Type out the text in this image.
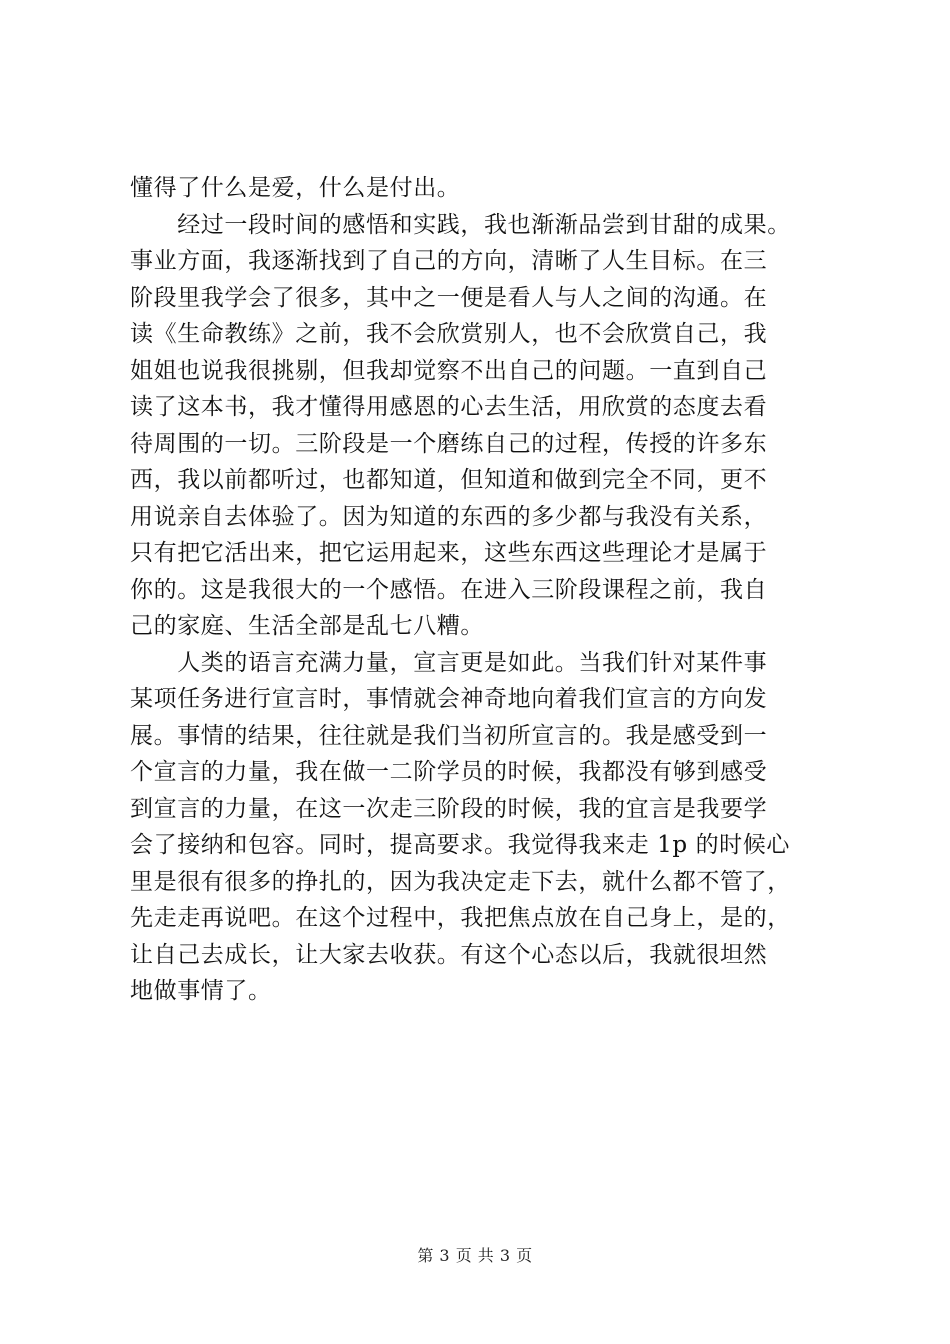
懂得了什么是爱，什么是付出。
　　经过一段时间的感悟和实践，我也渐渐品尝到甘甜的成果。
事业方面，我逐渐找到了自己的方向，清晰了人生目标。在三
阶段里我学会了很多，其中之一便是看人与人之间的沟通。在
读《生命教练》之前，我不会欣赏别人，也不会欣赏自己，我
姐姐也说我很挑剔，但我却觉察不出自己的问题。一直到自己
读了这本书，我才懂得用感恩的心去生活，用欣赏的态度去看
待周围的一切。三阶段是一个磨练自己的过程，传授的许多东
西，我以前都听过，也都知道，但知道和做到完全不同，更不
用说亲自去体验了。因为知道的东西的多少都与我没有关系，
只有把它活出来，把它运用起来，这些东西这些理论才是属于
你的。这是我很大的一个感悟。在进入三阶段课程之前，我自
己的家庭、生活全部是乱七八糟。
　　人类的语言充满力量，宣言更是如此。当我们针对某件事
某项任务进行宣言时，事情就会神奇地向着我们宣言的方向发
展。事情的结果，往往就是我们当初所宣言的。我是感受到一
个宣言的力量，我在做一二阶学员的时候，我都没有够到感受
到宣言的力量，在这一次走三阶段的时候，我的宜言是我要学
会了接纳和包容。同时，提高要求。我觉得我来走 1p 的时候心
里是很有很多的挣扎的，因为我决定走下去，就什么都不管了，
先走走再说吧。在这个过程中，我把焦点放在自己身上，是的，
让自己去成长，让大家去收获。有这个心态以后，我就很坦然
地做事情了。
第 3 页 共 3 页
